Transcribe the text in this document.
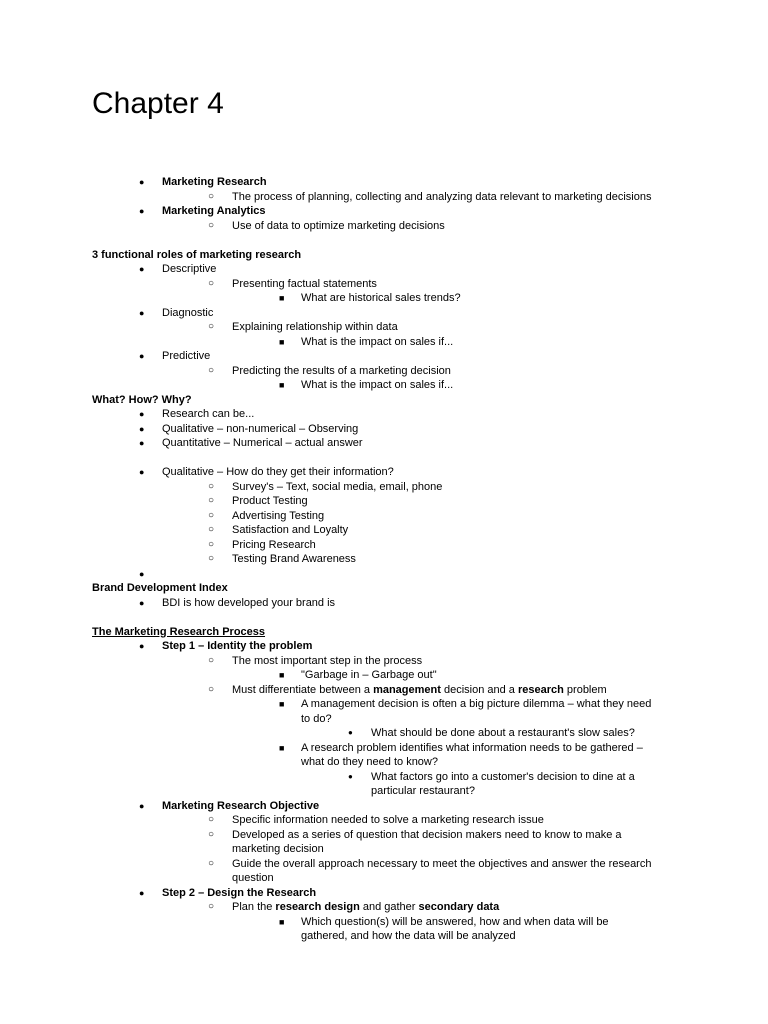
Chapter 4
● Marketing Research
○ The process of planning, collecting and analyzing data relevant to marketing decisions
● Marketing Analytics
○ Use of data to optimize marketing decisions
3 functional roles of marketing research
● Descriptive
○ Presenting factual statements
■ What are historical sales trends?
● Diagnostic
○ Explaining relationship within data
■ What is the impact on sales if...
● Predictive
○ Predicting the results of a marketing decision
■ What is the impact on sales if...
What? How? Why?
● Research can be...
● Qualitative – non-numerical – Observing
● Quantitative – Numerical – actual answer
● Qualitative – How do they get their information?
○ Survey's – Text, social media, email, phone
○ Product Testing
○ Advertising Testing
○ Satisfaction and Loyalty
○ Pricing Research
○ Testing Brand Awareness
●
Brand Development Index
● BDI is how developed your brand is
The Marketing Research Process
● Step 1 – Identity the problem
○ The most important step in the process
■ "Garbage in – Garbage out"
○ Must differentiate between a management decision and a research problem
■ A management decision is often a big picture dilemma – what they need
to do?
● What should be done about a restaurant's slow sales?
■ A research problem identifies what information needs to be gathered –
what do they need to know?
● What factors go into a customer's decision to dine at a
particular restaurant?
● Marketing Research Objective
○ Specific information needed to solve a marketing research issue
○ Developed as a series of question that decision makers need to know to make a
marketing decision
○ Guide the overall approach necessary to meet the objectives and answer the research
question
● Step 2 – Design the Research
○ Plan the research design and gather secondary data
■ Which question(s) will be answered, how and when data will be
gathered, and how the data will be analyzed
